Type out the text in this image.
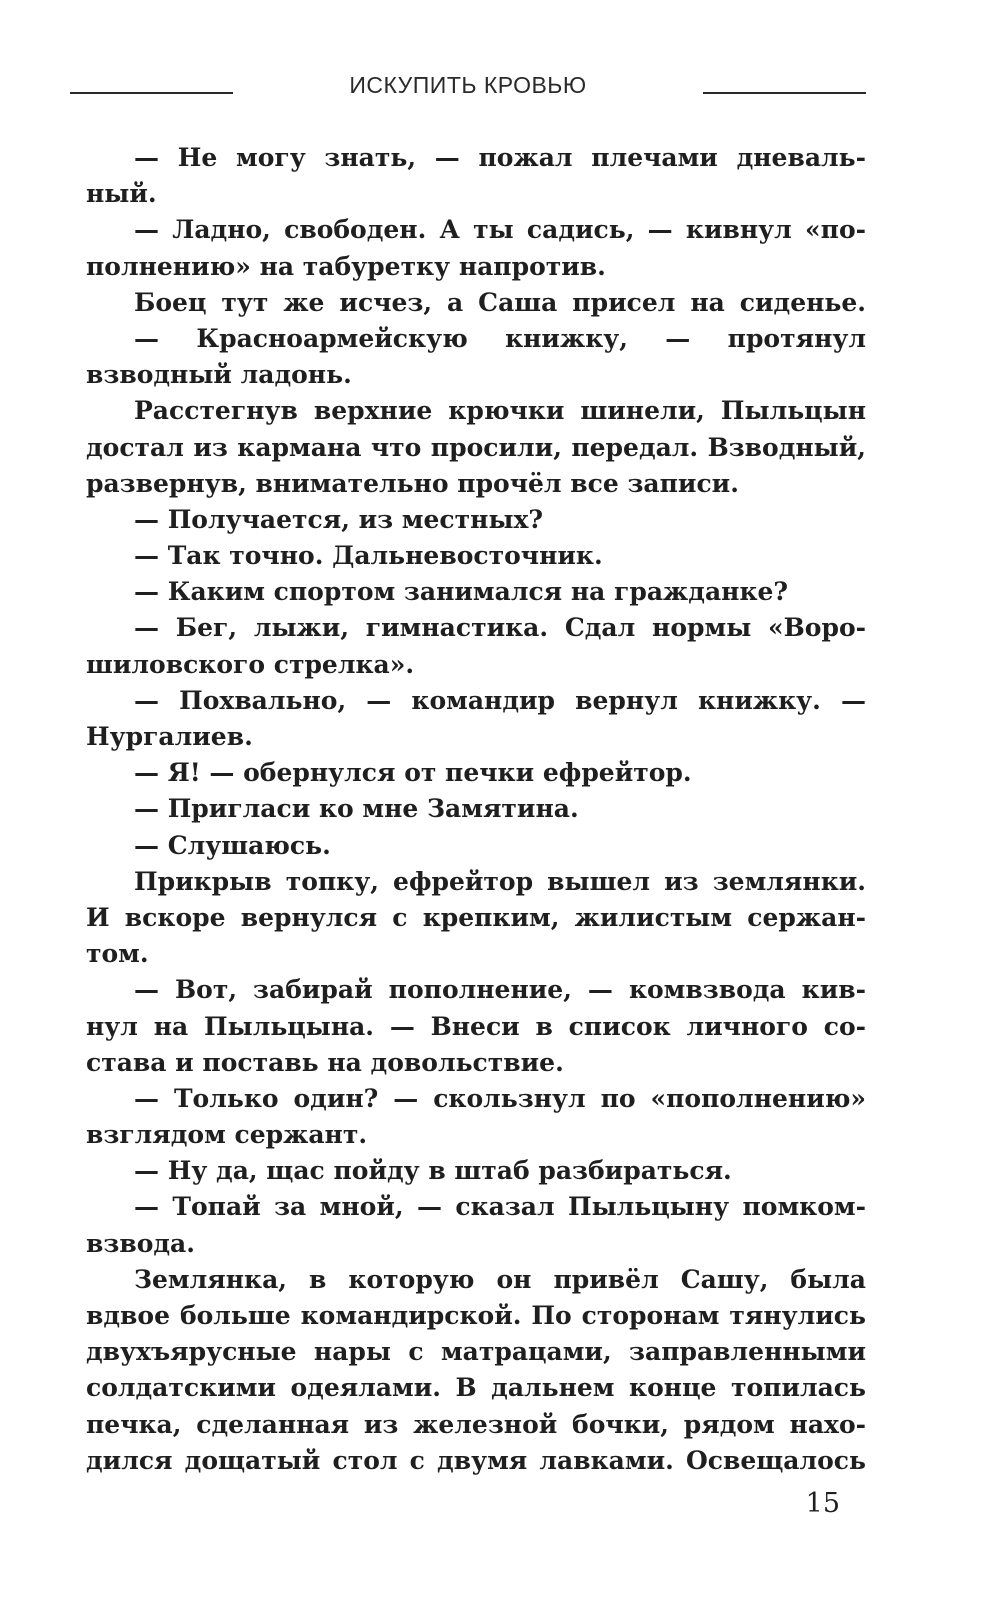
ИСКУПИТЬ КРОВЬЮ
— Не могу знать, — пожал плечами дневаль-
ный.
— Ладно, свободен. А ты садись, — кивнул «по-
полнению» на табуретку напротив.
Боец тут же исчез, а Саша присел на сиденье.
— Красноармейскую книжку, — протянул
взводный ладонь.
Расстегнув верхние крючки шинели, Пыльцын
достал из кармана что просили, передал. Взводный,
развернув, внимательно прочёл все записи.
— Получается, из местных?
— Так точно. Дальневосточник.
— Каким спортом занимался на гражданке?
— Бег, лыжи, гимнастика. Сдал нормы «Воро-
шиловского стрелка».
— Похвально, — командир вернул книжку. —
Нургалиев.
— Я! — обернулся от печки ефрейтор.
— Пригласи ко мне Замятина.
— Слушаюсь.
Прикрыв топку, ефрейтор вышел из землянки.
И вскоре вернулся с крепким, жилистым сержан-
том.
— Вот, забирай пополнение, — комвзвода кив-
нул на Пыльцына. — Внеси в список личного со-
става и поставь на довольствие.
— Только один? — скользнул по «пополнению»
взглядом сержант.
— Ну да, щас пойду в штаб разбираться.
— Топай за мной, — сказал Пыльцыну помком-
взвода.
Землянка, в которую он привёл Сашу, была
вдвое больше командирской. По сторонам тянулись
двухъярусные нары с матрацами, заправленными
солдатскими одеялами. В дальнем конце топилась
печка, сделанная из железной бочки, рядом нахо-
дился дощатый стол с двумя лавками. Освещалось
15
